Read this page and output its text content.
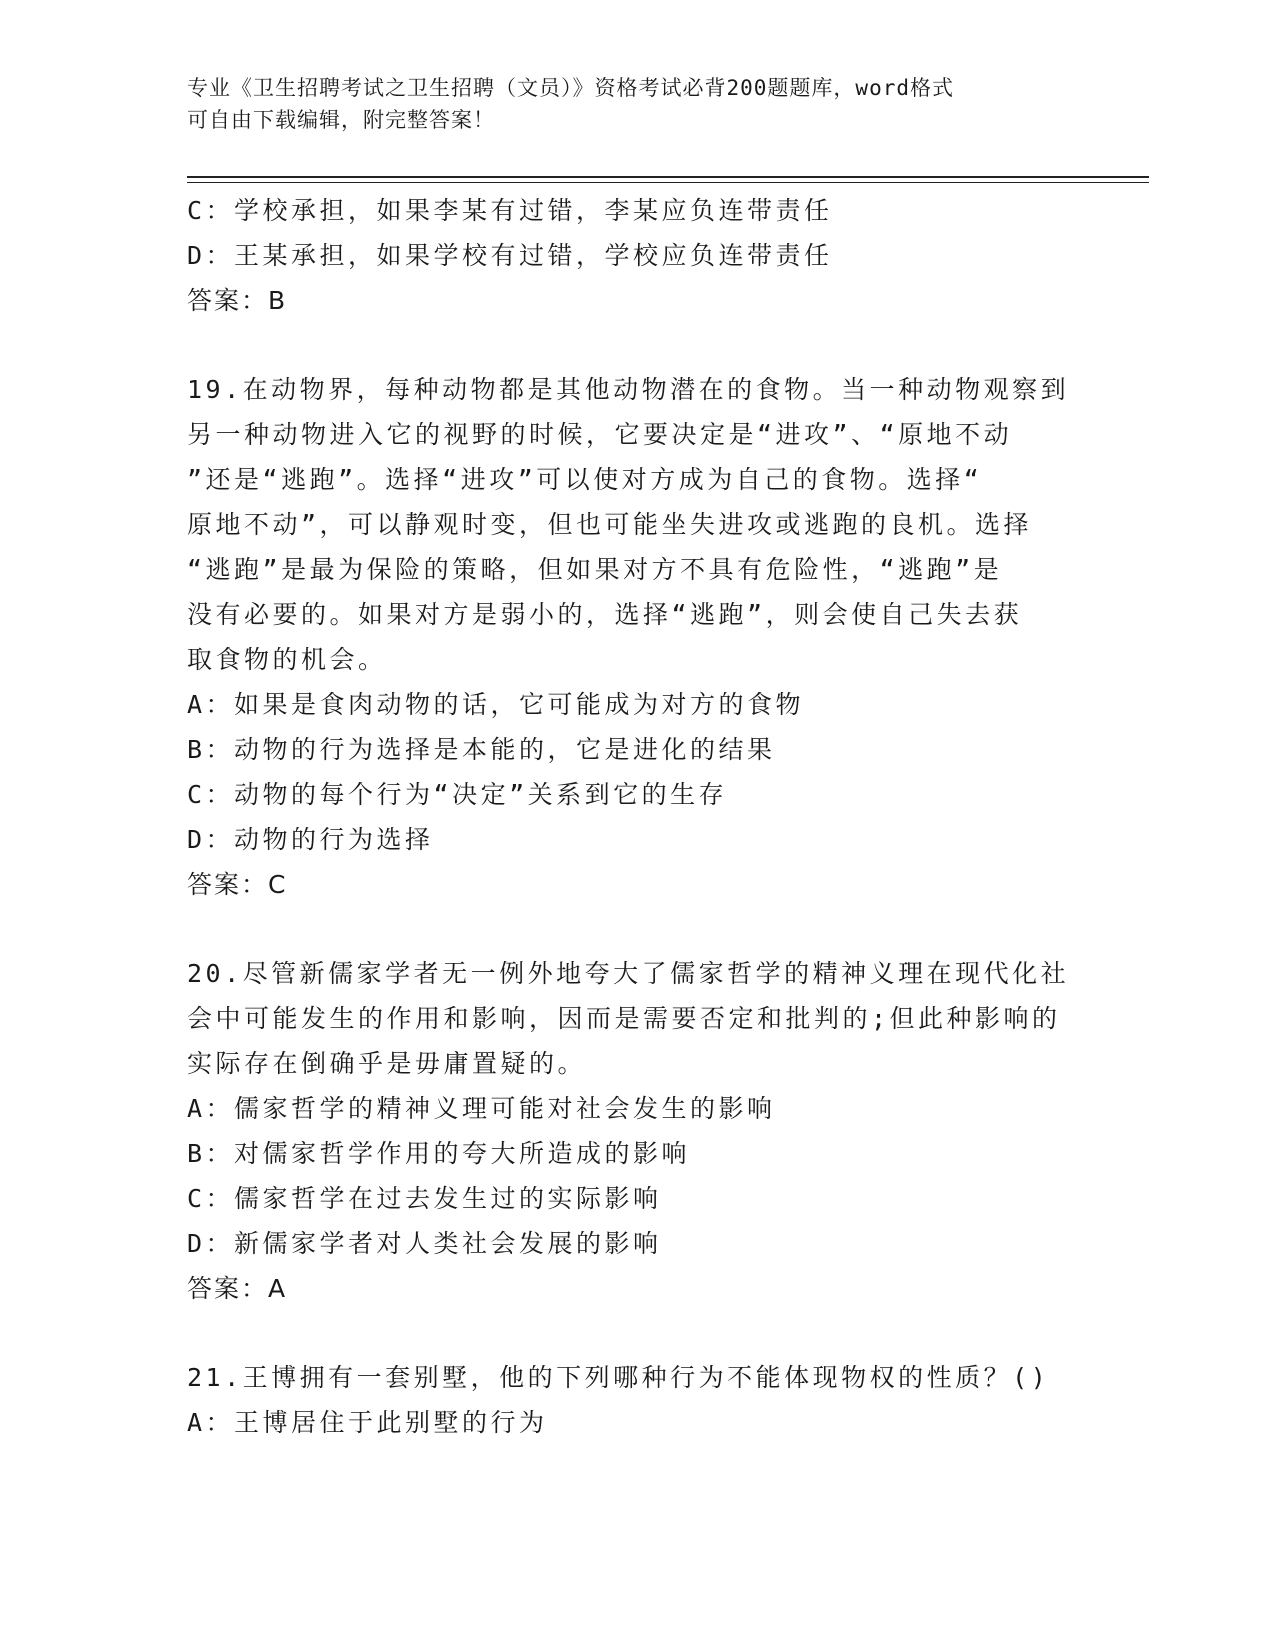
专业《卫生招聘考试之卫生招聘（文员）》资格考试必背200题题库，word格式
可自由下载编辑，附完整答案！
C：学校承担，如果李某有过错，李某应负连带责任
D：王某承担，如果学校有过错，学校应负连带责任
答案：B
19.在动物界，每种动物都是其他动物潜在的食物。当一种动物观察到
另一种动物进入它的视野的时候，它要决定是“进攻”、“原地不动
”还是“逃跑”。选择“进攻”可以使对方成为自己的食物。选择“
原地不动”，可以静观时变，但也可能坐失进攻或逃跑的良机。选择
“逃跑”是最为保险的策略，但如果对方不具有危险性，“逃跑”是
没有必要的。如果对方是弱小的，选择“逃跑”，则会使自己失去获
取食物的机会。
A：如果是食肉动物的话，它可能成为对方的食物
B：动物的行为选择是本能的，它是进化的结果
C：动物的每个行为“决定”关系到它的生存
D：动物的行为选择
答案：C
20.尽管新儒家学者无一例外地夸大了儒家哲学的精神义理在现代化社
会中可能发生的作用和影响，因而是需要否定和批判的;但此种影响的
实际存在倒确乎是毋庸置疑的。
A：儒家哲学的精神义理可能对社会发生的影响
B：对儒家哲学作用的夸大所造成的影响
C：儒家哲学在过去发生过的实际影响
D：新儒家学者对人类社会发展的影响
答案：A
21.王博拥有一套别墅，他的下列哪种行为不能体现物权的性质？()
A：王博居住于此别墅的行为
